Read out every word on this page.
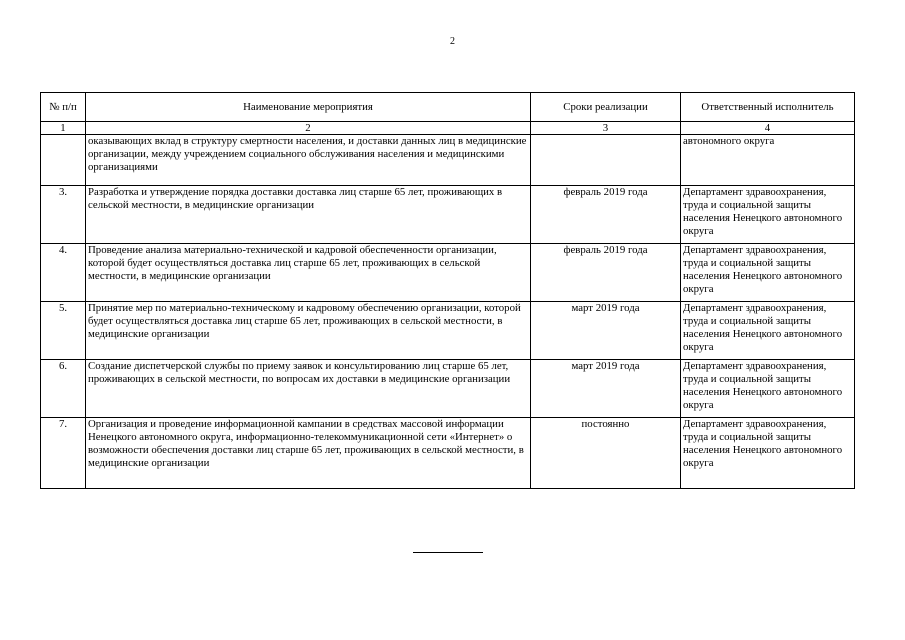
2
№ п/п	Наименование мероприятия	Сроки реализации	Ответственный исполнитель
1	2	3	4
	оказывающих вклад в структуру смертности населения, и доставки данных лиц в медицинские организации, между учреждением социального обслуживания населения и медицинскими организациями		автономного округа
3.	Разработка и утверждение порядка доставки доставка лиц старше 65 лет, проживающих в сельской местности, в медицинские организации	февраль 2019 года	Департамент здравоохранения, труда и социальной защиты населения Ненецкого автономного округа
4.	Проведение анализа материально-технической и кадровой обеспеченности организации, которой будет осуществляться доставка лиц старше 65 лет, проживающих в сельской местности, в медицинские организации	февраль 2019 года	Департамент здравоохранения, труда и социальной защиты населения Ненецкого автономного округа
5.	Принятие мер по материально-техническому и кадровому обеспечению организации, которой будет осуществляться доставка лиц старше 65 лет, проживающих в сельской местности, в медицинские организации	март 2019 года	Департамент здравоохранения, труда и социальной защиты населения Ненецкого автономного округа
6.	Создание диспетчерской службы по приему заявок и консультированию лиц старше 65 лет, проживающих в сельской местности, по вопросам их доставки в медицинские организации	март 2019 года	Департамент здравоохранения, труда и социальной защиты населения Ненецкого автономного округа
7.	Организация и проведение информационной кампании в средствах массовой информации Ненецкого автономного округа, информационно-телекоммуникационной сети «Интернет» о возможности обеспечения доставки лиц старше 65 лет, проживающих в сельской местности, в медицинские организации	постоянно	Департамент здравоохранения, труда и социальной защиты населения Ненецкого автономного округа
